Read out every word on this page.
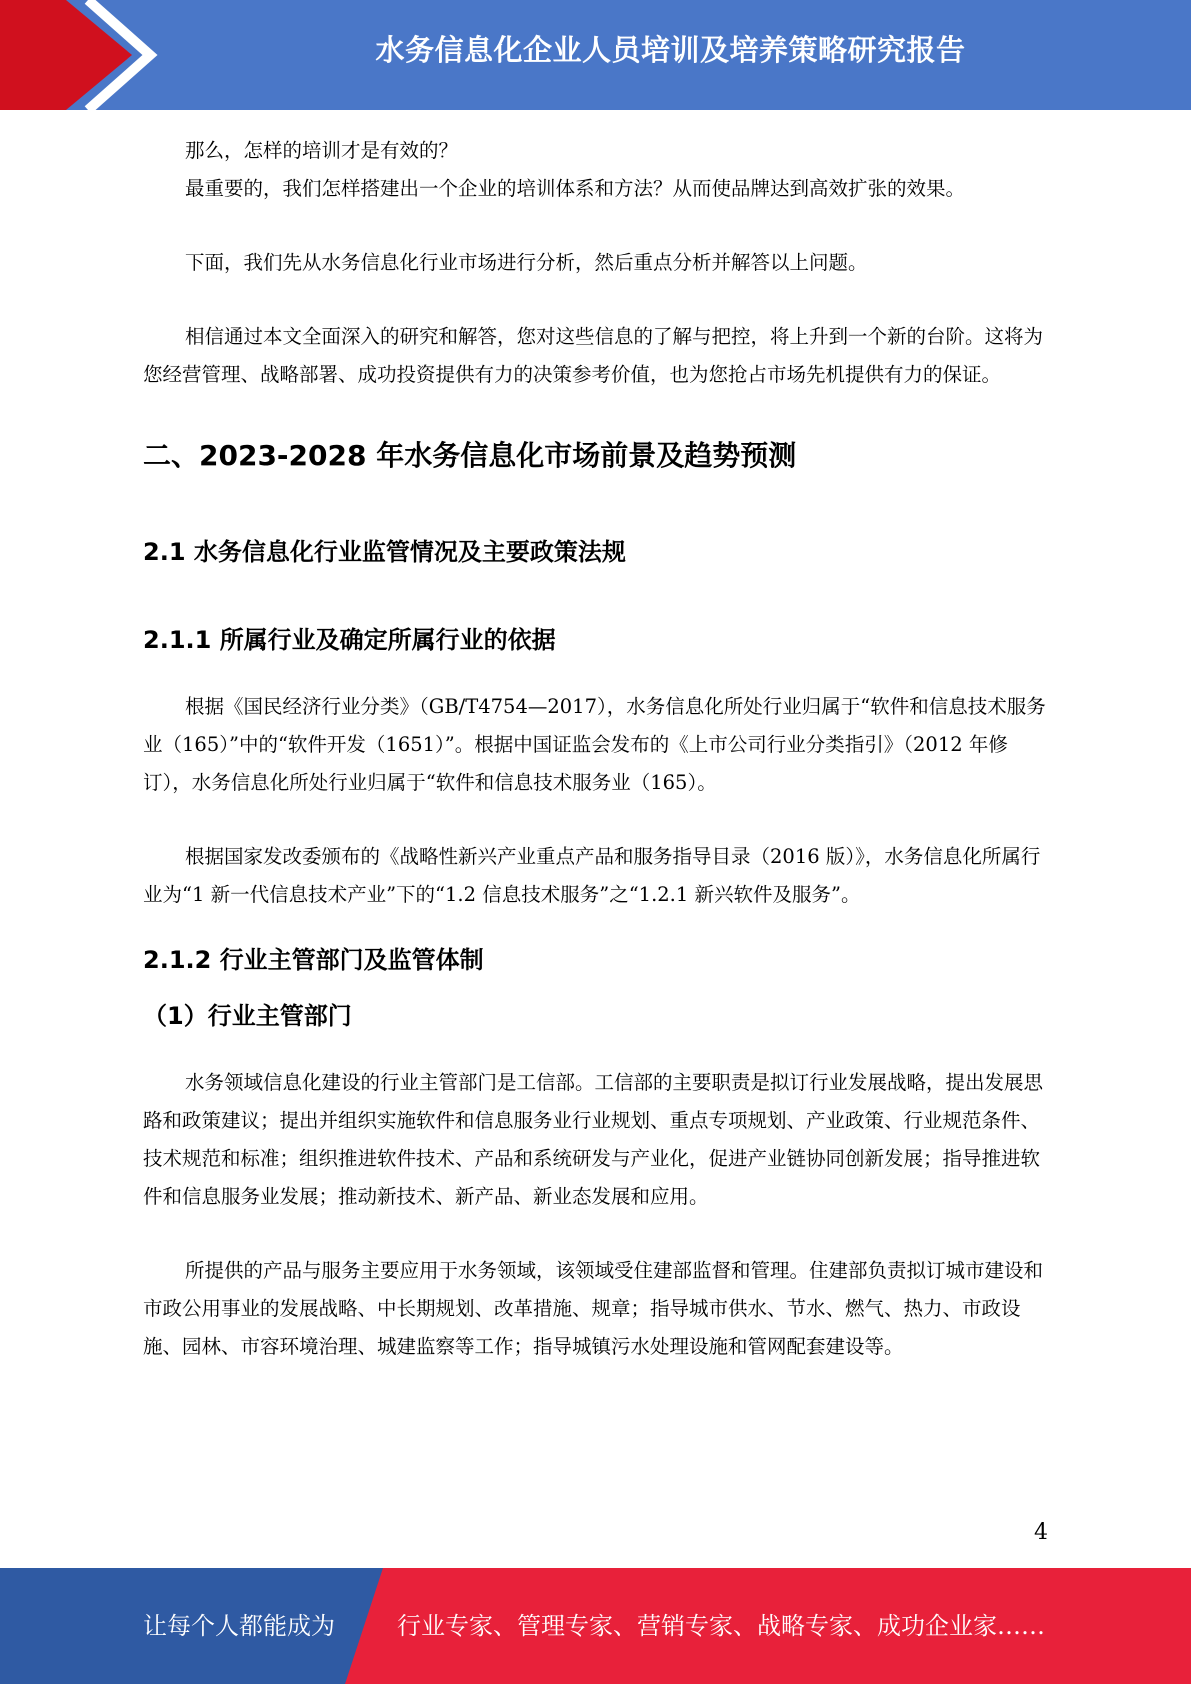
水务信息化企业人员培训及培养策略研究报告

那么，怎样的培训才是有效的？

最重要的，我们怎样搭建出一个企业的培训体系和方法？从而使品牌达到高效扩张的效果。

下面，我们先从水务信息化行业市场进行分析，然后重点分析并解答以上问题。

相信通过本文全面深入的研究和解答，您对这些信息的了解与把控，将上升到一个新的台阶。这将为您经营管理、战略部署、成功投资提供有力的决策参考价值，也为您抢占市场先机提供有力的保证。

二、2023-2028 年水务信息化市场前景及趋势预测
2.1 水务信息化行业监管情况及主要政策法规
2.1.1 所属行业及确定所属行业的依据

根据《国民经济行业分类》（GB/T4754—2017），水务信息化所处行业归属于“软件和信息技术服务业（165）”中的“软件开发（1651）”。根据中国证监会发布的《上市公司行业分类指引》（2012 年修订），水务信息化所处行业归属于“软件和信息技术服务业（165）。

根据国家发改委颁布的《战略性新兴产业重点产品和服务指导目录（2016 版）》，水务信息化所属行业为“1 新一代信息技术产业”下的“1.2 信息技术服务”之“1.2.1 新兴软件及服务”。

2.1.2 行业主管部门及监管体制
（1）行业主管部门

水务领域信息化建设的行业主管部门是工信部。工信部的主要职责是拟订行业发展战略，提出发展思路和政策建议；提出并组织实施软件和信息服务业行业规划、重点专项规划、产业政策、行业规范条件、技术规范和标准；组织推进软件技术、产品和系统研发与产业化，促进产业链协同创新发展；指导推进软件和信息服务业发展；推动新技术、新产品、新业态发展和应用。

所提供的产品与服务主要应用于水务领域，该领域受住建部监督和管理。住建部负责拟订城市建设和市政公用事业的发展战略、中长期规划、改革措施、规章；指导城市供水、节水、燃气、热力、市政设施、园林、市容环境治理、城建监察等工作；指导城镇污水处理设施和管网配套建设等。

4
让每个人都能成为	行业专家、管理专家、营销专家、战略专家、成功企业家……
